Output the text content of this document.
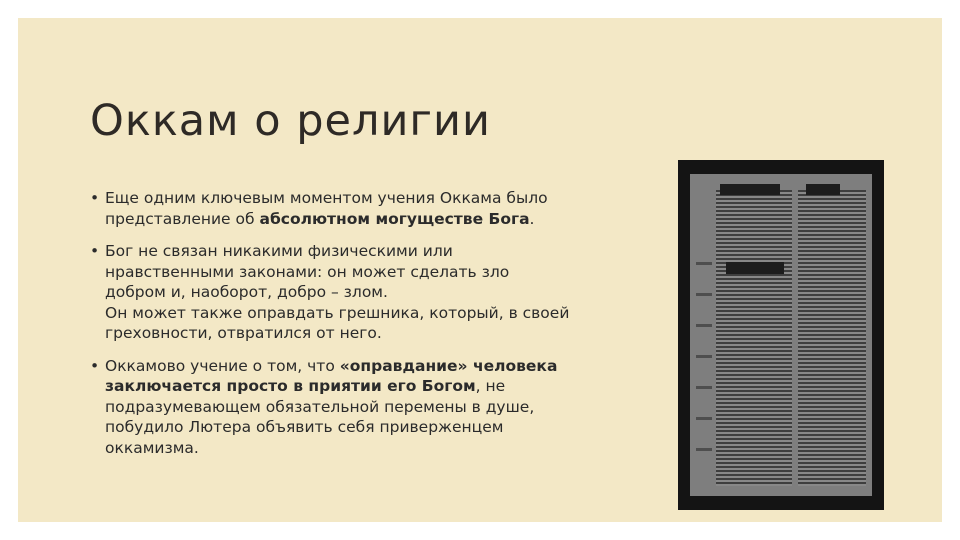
Оккам о религии
• Еще одним ключевым моментом учения Оккама было
представление об абсолютном могуществе Бога.
• Бог не связан никакими физическими или
нравственными законами: он может сделать зло
добром и, наоборот, добро – злом.
Он может также оправдать грешника, который, в своей
греховности, отвратился от него.
• Оккамово учение о том, что «оправдание» человека
заключается просто в приятии его Богом, не
подразумевающем обязательной перемены в душе,
побудило Лютера объявить себя приверженцем
оккамизма.
